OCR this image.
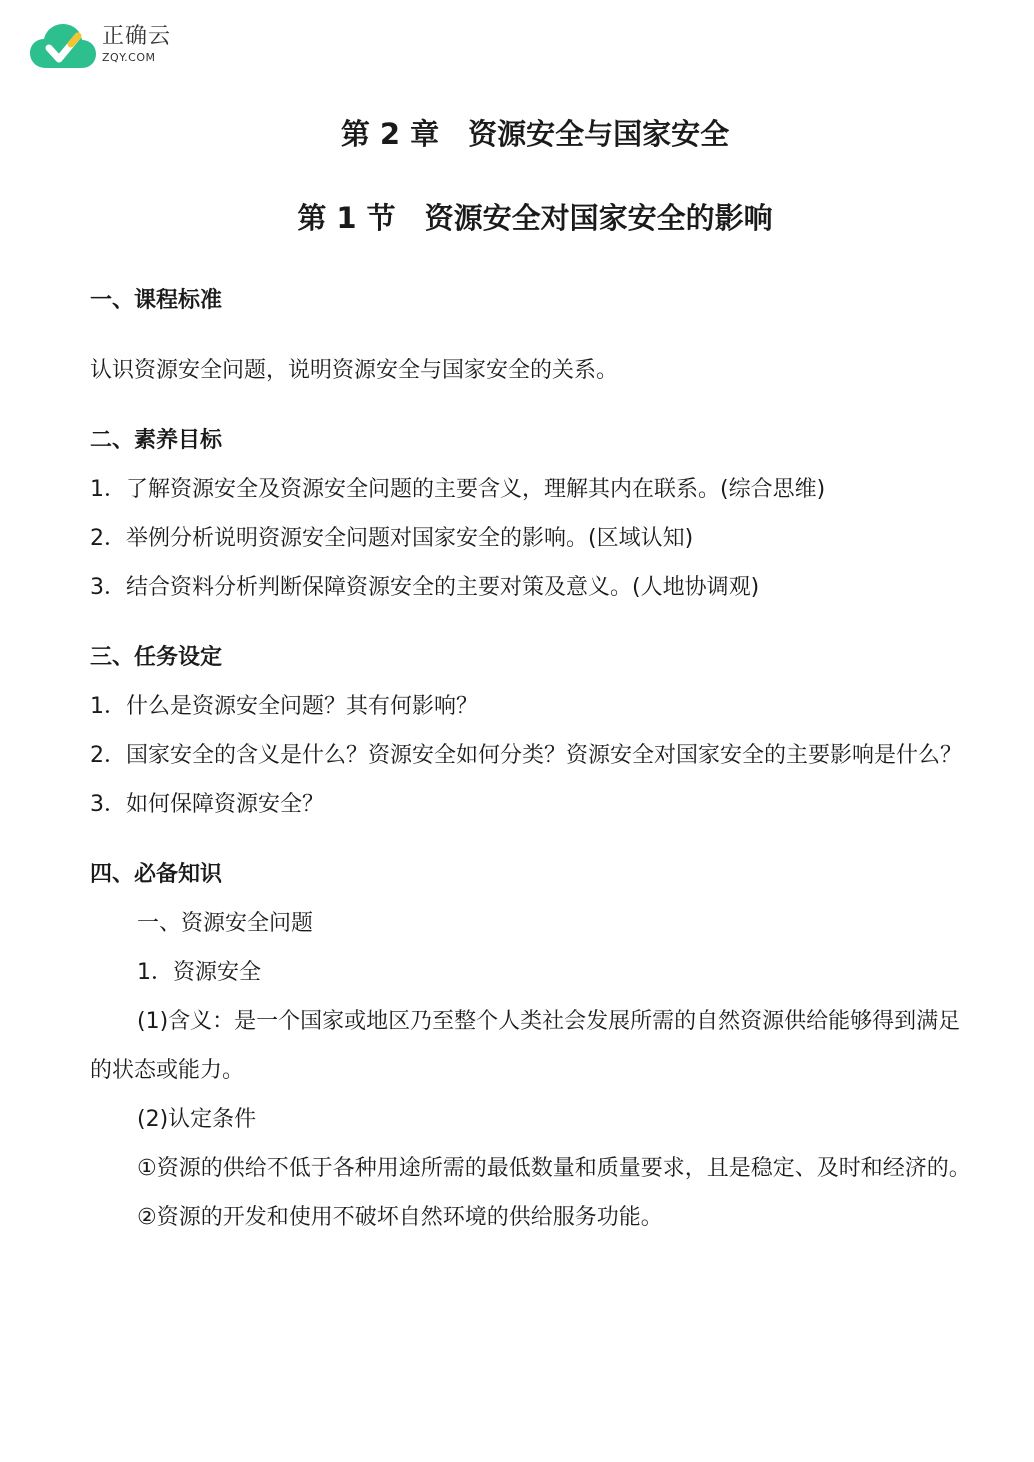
正确云
ZQY.COM
第 2 章　资源安全与国家安全
第 1 节　资源安全对国家安全的影响

一、课程标准

认识资源安全问题，说明资源安全与国家安全的关系。

二、素养目标

1．了解资源安全及资源安全问题的主要含义，理解其内在联系。(综合思维)

2．举例分析说明资源安全问题对国家安全的影响。(区域认知)

3．结合资料分析判断保障资源安全的主要对策及意义。(人地协调观)

三、任务设定

1．什么是资源安全问题？其有何影响？

2．国家安全的含义是什么？资源安全如何分类？资源安全对国家安全的主要影响是什么？

3．如何保障资源安全？

四、必备知识

一、资源安全问题

1．资源安全

(1)含义：是一个国家或地区乃至整个人类社会发展所需的自然资源供给能够得到满足的状态或能力。

(2)认定条件

①资源的供给不低于各种用途所需的最低数量和质量要求，且是稳定、及时和经济的。

②资源的开发和使用不破坏自然环境的供给服务功能。
